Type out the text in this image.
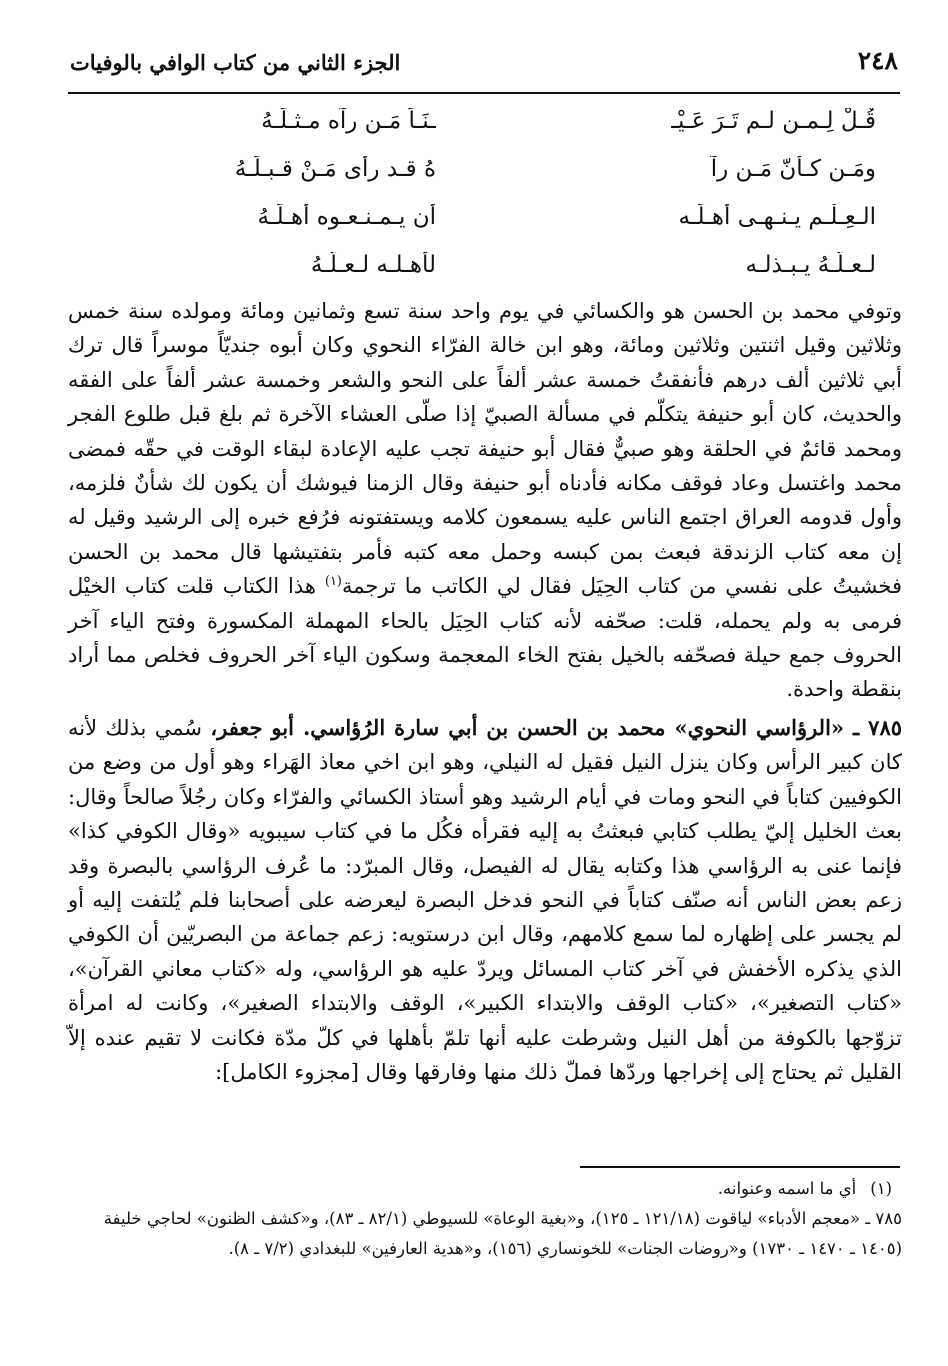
٢٤٨
الجزء الثاني من كتاب الوافي بالوفيات
قُـلْ لِـمـن لـم تَـرَ عَـيْـ
ـنَـاً مَـن رآه مـثـلَـهُ
ومَـن كـأنّ مَـن رآ
هُ قـد رأى مَـنْ قـبـلَـهُ
الـعِـلْـم يـنـهـى أهـلَـه
أن يـمـنـعـوه أهـلَـهُ
لـعـلَّـهُ يـبـذلـه
لأهـلـه لـعـلَّـهُ

وتوفي محمد بن الحسن هو والكسائي في يوم واحد سنة تسع وثمانين ومائة ومولده سنة خمس وثلاثين وقيل اثنتين وثلاثين ومائة، وهو ابن خالة الفرّاء النحوي وكان أبوه جنديّاً موسراً قال ترك أبي ثلاثين ألف درهم فأنفقتُ خمسة عشر ألفاً على النحو والشعر وخمسة عشر ألفاً على الفقه والحديث، كان أبو حنيفة يتكلّم في مسألة الصبيّ إذا صلّى العشاء الآخرة ثم بلغ قبل طلوع الفجر ومحمد قائمٌ في الحلقة وهو صبيٌّ فقال أبو حنيفة تجب عليه الإعادة لبقاء الوقت في حقّه فمضى محمد واغتسل وعاد فوقف مكانه فأدناه أبو حنيفة وقال الزمنا فيوشك أن يكون لك شأنٌ فلزمه، وأول قدومه العراق اجتمع الناس عليه يسمعون كلامه ويستفتونه فرُفع خبره إلى الرشيد وقيل له إن معه كتاب الزندقة فبعث بمن كبسه وحمل معه كتبه فأمر بتفتيشها قال محمد بن الحسن فخشيتُ على نفسي من كتاب الحِيَل فقال لي الكاتب ما ترجمة$^{(١)}$ هذا الكتاب قلت كتاب الخيْل فرمى به ولم يحمله، قلت: صحّفه لأنه كتاب الحِيَل بالحاء المهملة المكسورة وفتح الياء آخر الحروف جمع حيلة فصحّفه بالخيل بفتح الخاء المعجمة وسكون الياء آخر الحروف فخلص مما أراد بنقطة واحدة.

٧٨٥ ـ «الرؤاسي النحوي» محمد بن الحسن بن أبي سارة الرُؤاسي. أبو جعفر، سُمي بذلك لأنه كان كبير الرأس وكان ينزل النيل فقيل له النيلي، وهو ابن اخي معاذ الهَراء وهو أول من وضع من الكوفيين كتاباً في النحو ومات في أيام الرشيد وهو أستاذ الكسائي والفرّاء وكان رجُلاً صالحاً وقال: بعث الخليل إليّ يطلب كتابي فبعثتُ به إليه فقرأه فكُل ما في كتاب سيبويه «وقال الكوفي كذا» فإنما عنى به الرؤاسي هذا وكتابه يقال له الفيصل، وقال المبرّد: ما عُرف الرؤاسي بالبصرة وقد زعم بعض الناس أنه صنّف كتاباً في النحو فدخل البصرة ليعرضه على أصحابنا فلم يُلتفت إليه أو لم يجسر على إظهاره لما سمع كلامهم، وقال ابن درستويه: زعم جماعة من البصريّين أن الكوفي الذي يذكره الأخفش في آخر كتاب المسائل ويردّ عليه هو الرؤاسي، وله «كتاب معاني القرآن»، «كتاب التصغير»، «كتاب الوقف والابتداء الكبير»، الوقف والابتداء الصغير»، وكانت له امرأة تزوّجها بالكوفة من أهل النيل وشرطت عليه أنها تلمّ بأهلها في كلّ مدّة فكانت لا تقيم عنده إلاّ القليل ثم يحتاج إلى إخراجها وردّها فملّ ذلك منها وفارقها وقال [مجزوء الكامل]:

(١)أي ما اسمه وعنوانه.

٧٨٥ ـ «معجم الأدباء» لياقوت (١٢١/١٨ ـ ١٢٥)، و«بغية الوعاة» للسيوطي (٨٢/١ ـ ٨٣)، و«كشف الظنون» لحاجي خليفة (١٤٠٥ ـ ١٤٧٠ ـ ١٧٣٠) و«روضات الجنات» للخونساري (١٥٦)، و«هدية العارفين» للبغدادي (٧/٢ ـ ٨).
